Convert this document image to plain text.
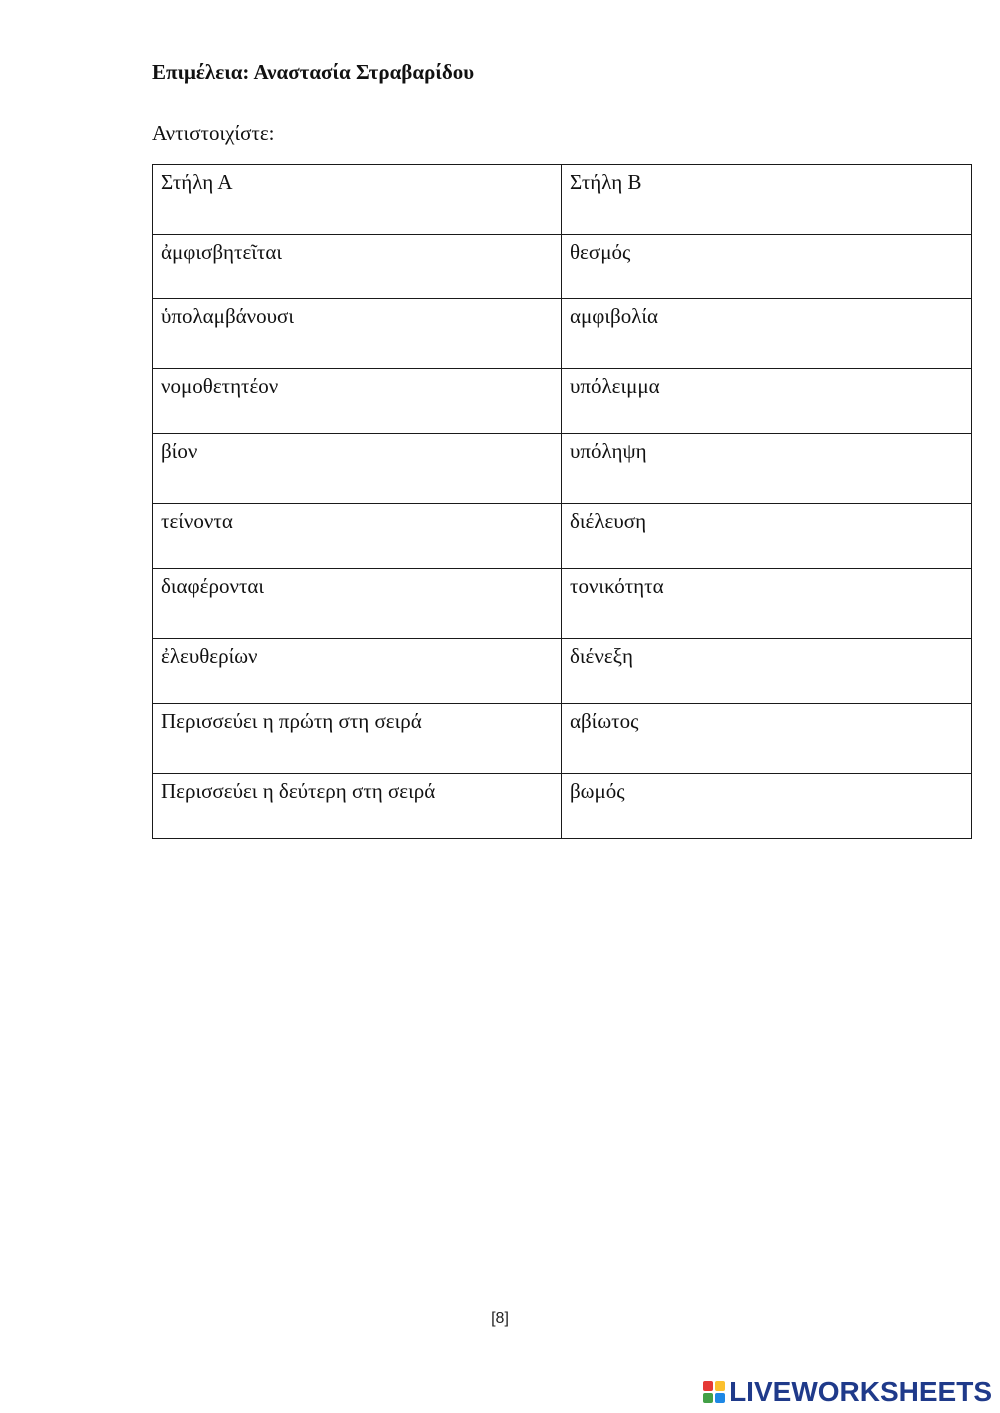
Επιμέλεια: Αναστασία Στραβαρίδου

Αντιστοιχίστε:

Στήλη Α	Στήλη Β
ἀμφισβητεῖται	θεσμός
ὑπολαμβάνουσι	αμφιβολία
νομοθετητέον	υπόλειμμα
βίον	υπόληψη
τείνοντα	διέλευση
διαφέρονται	τονικότητα
ἐλευθερίων	διένεξη
Περισσεύει η πρώτη στη σειρά	αβίωτος
Περισσεύει η δεύτερη στη σειρά	βωμός
[8]
LIVEWORKSHEETS
